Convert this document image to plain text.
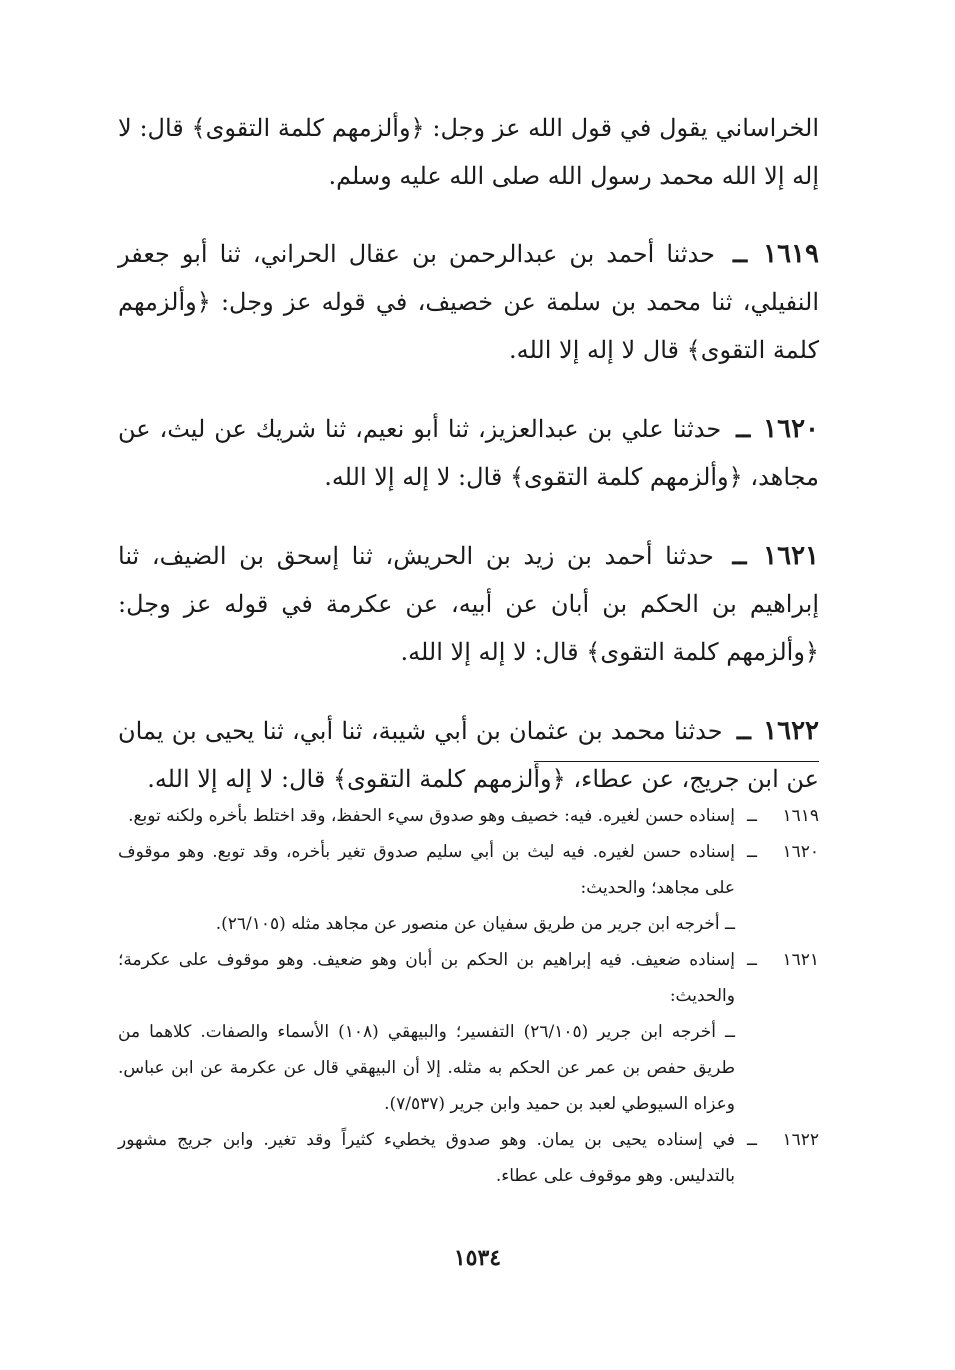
الخراساني يقول في قول الله عز وجل: ﴿وألزمهم كلمة التقوى﴾ قال: لا إله إلا الله محمد رسول الله صلى الله عليه وسلم.

١٦١٩ ــ حدثنا أحمد بن عبدالرحمن بن عقال الحراني، ثنا أبو جعفر النفيلي، ثنا محمد بن سلمة عن خصيف، في قوله عز وجل: ﴿وألزمهم كلمة التقوى﴾ قال لا إله إلا الله.

١٦٢٠ ــ حدثنا علي بن عبدالعزيز، ثنا أبو نعيم، ثنا شريك عن ليث، عن مجاهد، ﴿وألزمهم كلمة التقوى﴾ قال: لا إله إلا الله.

١٦٢١ ــ حدثنا أحمد بن زيد بن الحريش، ثنا إسحق بن الضيف، ثنا إبراهيم بن الحكم بن أبان عن أبيه، عن عكرمة في قوله عز وجل: ﴿وألزمهم كلمة التقوى﴾ قال: لا إله إلا الله.

١٦٢٢ ــ حدثنا محمد بن عثمان بن أبي شيبة، ثنا أبي، ثنا يحيى بن يمان عن ابن جريج، عن عطاء، ﴿وألزمهم كلمة التقوى﴾ قال: لا إله إلا الله.

١٦١٩
ــ

إسناده حسن لغيره. فيه: خصيف وهو صدوق سيء الحفظ، وقد اختلط بأخره ولكنه توبع.

١٦٢٠
ــ

إسناده حسن لغيره. فيه ليث بن أبي سليم صدوق تغير بأخره، وقد توبع. وهو موقوف على مجاهد؛ والحديث:

ــ أخرجه ابن جرير من طريق سفيان عن منصور عن مجاهد مثله (٢٦/١٠٥).

١٦٢١
ــ

إسناده ضعيف. فيه إبراهيم بن الحكم بن أبان وهو ضعيف. وهو موقوف على عكرمة؛ والحديث:

ــ أخرجه ابن جرير (٢٦/١٠٥) التفسير؛ والبيهقي (١٠٨) الأسماء والصفات. كلاهما من طريق حفص بن عمر عن الحكم به مثله. إلا أن البيهقي قال عن عكرمة عن ابن عباس. وعزاه السيوطي لعبد بن حميد وابن جرير (٧/٥٣٧).

١٦٢٢
ــ

في إسناده يحيى بن يمان. وهو صدوق يخطيء كثيراً وقد تغير. وابن جريج مشهور بالتدليس. وهو موقوف على عطاء.

١٥٣٤
